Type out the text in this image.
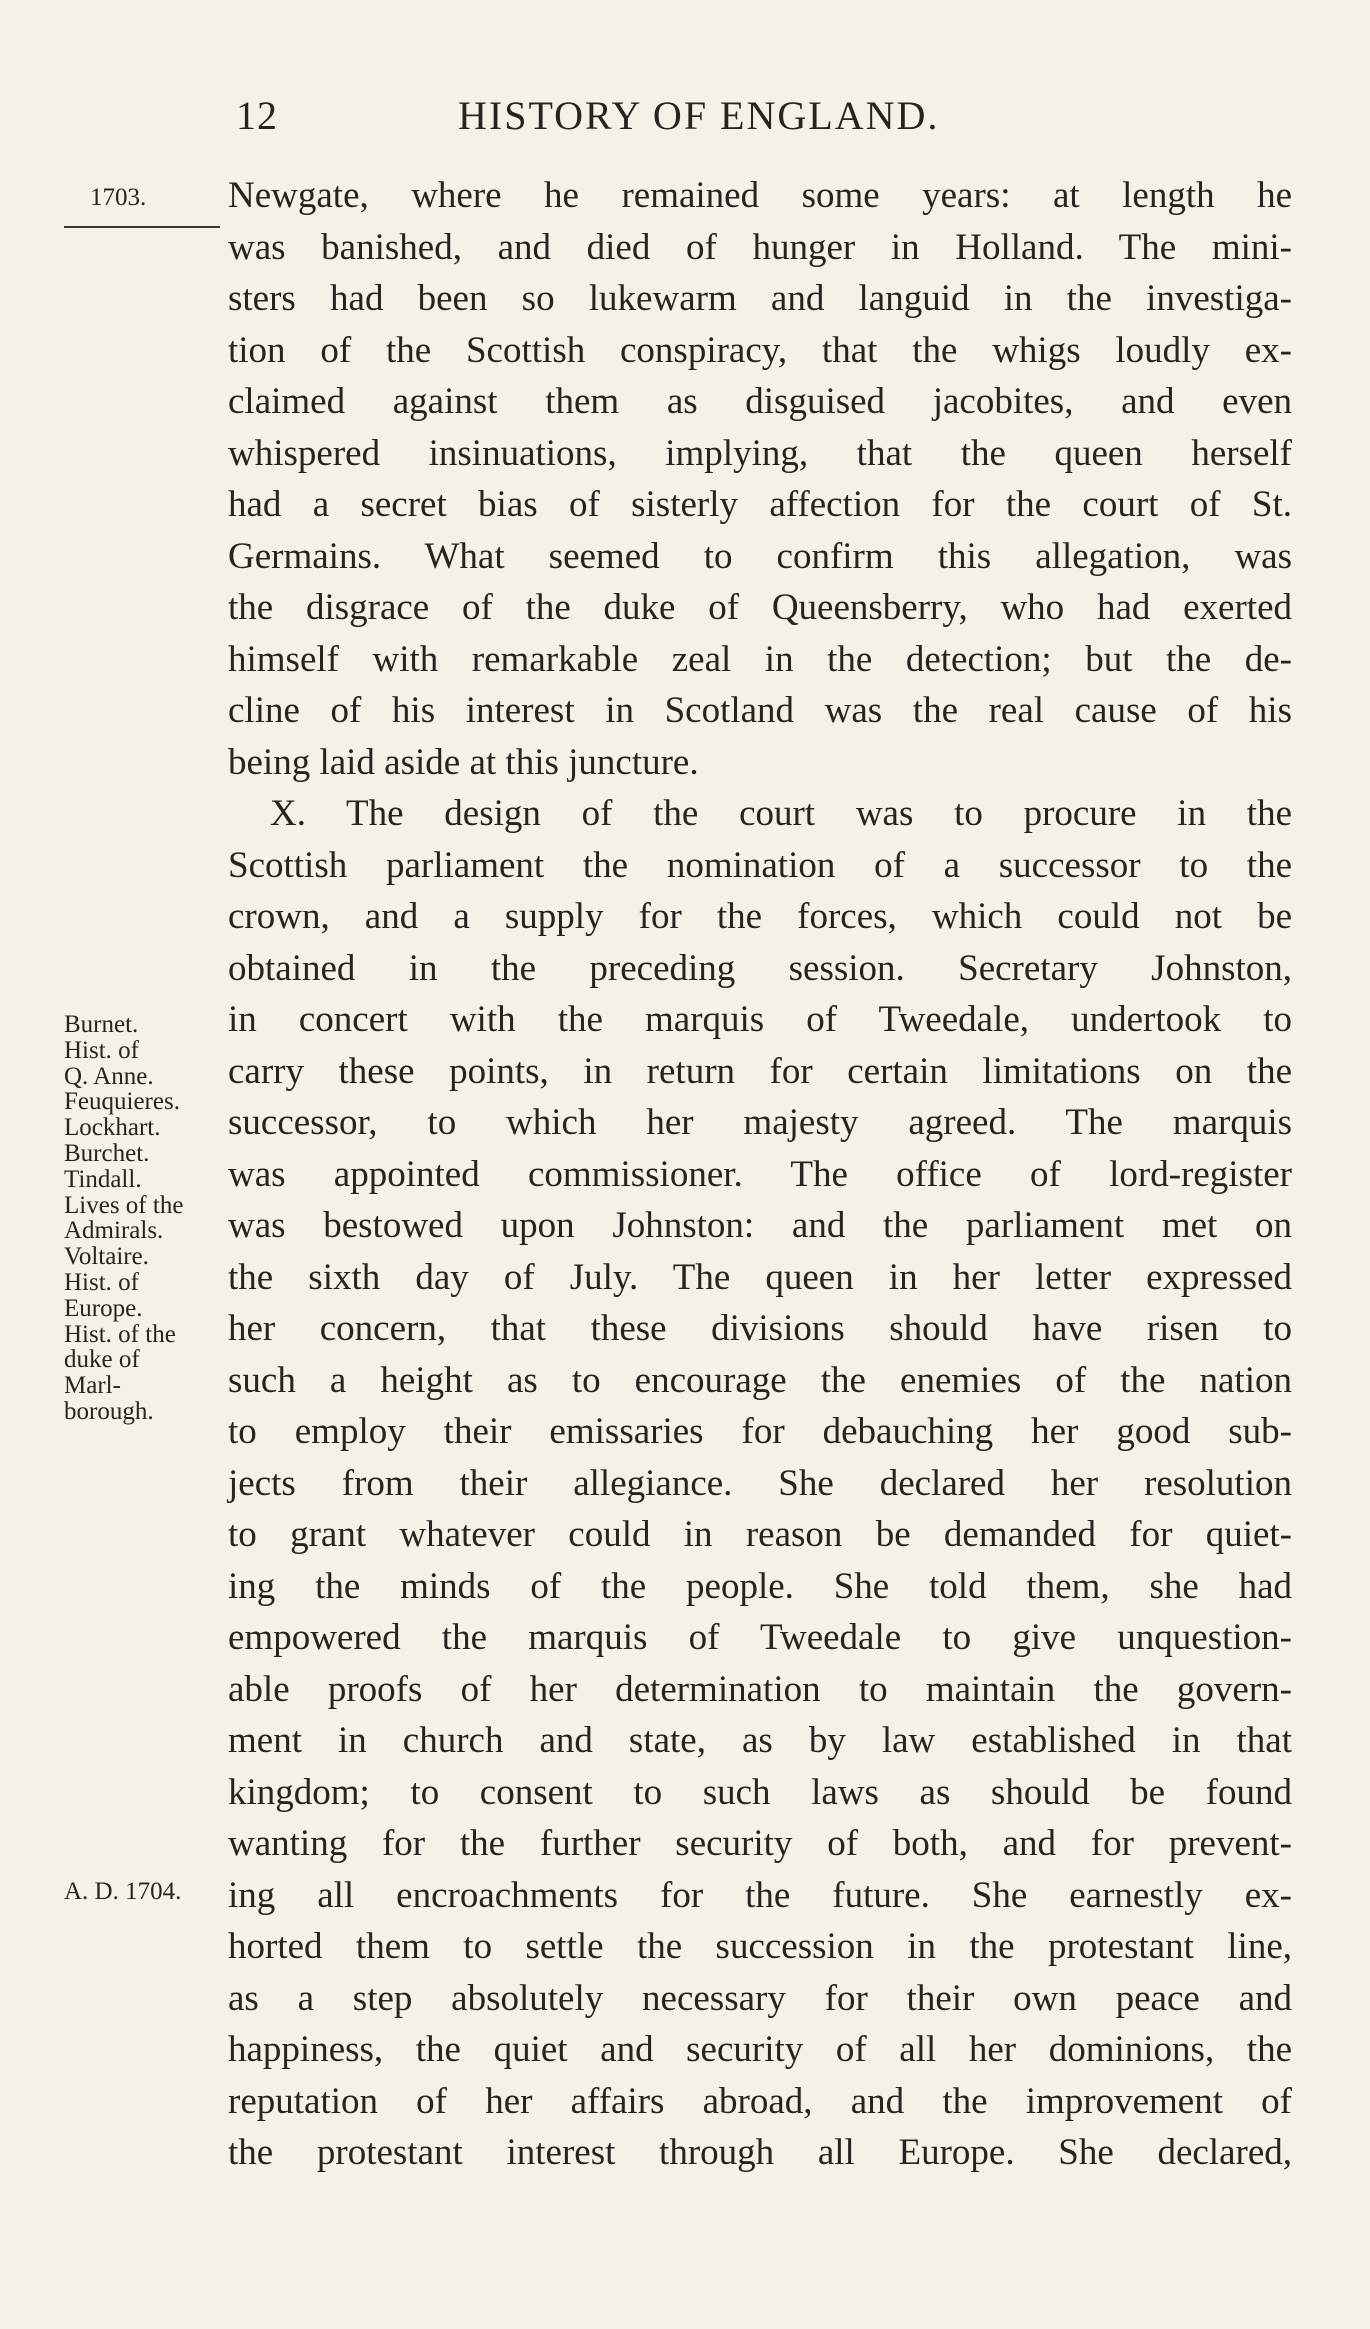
12	HISTORY OF ENGLAND.
1703.
Burnet.
Hist. of
Q. Anne.
Feuquieres.
Lockhart.
Burchet.
Tindall.
Lives of the
Admirals.
Voltaire.
Hist. of
Europe.
Hist. of the
duke of
Marl-
borough.
A. D. 1704.
Newgate, where he remained some years: at length he
was banished, and died of hunger in Holland. The mini-
sters had been so lukewarm and languid in the investiga-
tion of the Scottish conspiracy, that the whigs loudly ex-
claimed against them as disguised jacobites, and even
whispered insinuations, implying, that the queen herself
had a secret bias of sisterly affection for the court of St.
Germains. What seemed to confirm this allegation, was
the disgrace of the duke of Queensberry, who had exerted
himself with remarkable zeal in the detection; but the de-
cline of his interest in Scotland was the real cause of his
being laid aside at this juncture.
X. The design of the court was to procure in the
Scottish parliament the nomination of a successor to the
crown, and a supply for the forces, which could not be
obtained in the preceding session. Secretary Johnston,
in concert with the marquis of Tweedale, undertook to
carry these points, in return for certain limitations on the
successor, to which her majesty agreed. The marquis
was appointed commissioner. The office of lord-register
was bestowed upon Johnston: and the parliament met on
the sixth day of July. The queen in her letter expressed
her concern, that these divisions should have risen to
such a height as to encourage the enemies of the nation
to employ their emissaries for debauching her good sub-
jects from their allegiance. She declared her resolution
to grant whatever could in reason be demanded for quiet-
ing the minds of the people. She told them, she had
empowered the marquis of Tweedale to give unquestion-
able proofs of her determination to maintain the govern-
ment in church and state, as by law established in that
kingdom; to consent to such laws as should be found
wanting for the further security of both, and for prevent-
ing all encroachments for the future. She earnestly ex-
horted them to settle the succession in the protestant line,
as a step absolutely necessary for their own peace and
happiness, the quiet and security of all her dominions, the
reputation of her affairs abroad, and the improvement of
the protestant interest through all Europe. She declared,
